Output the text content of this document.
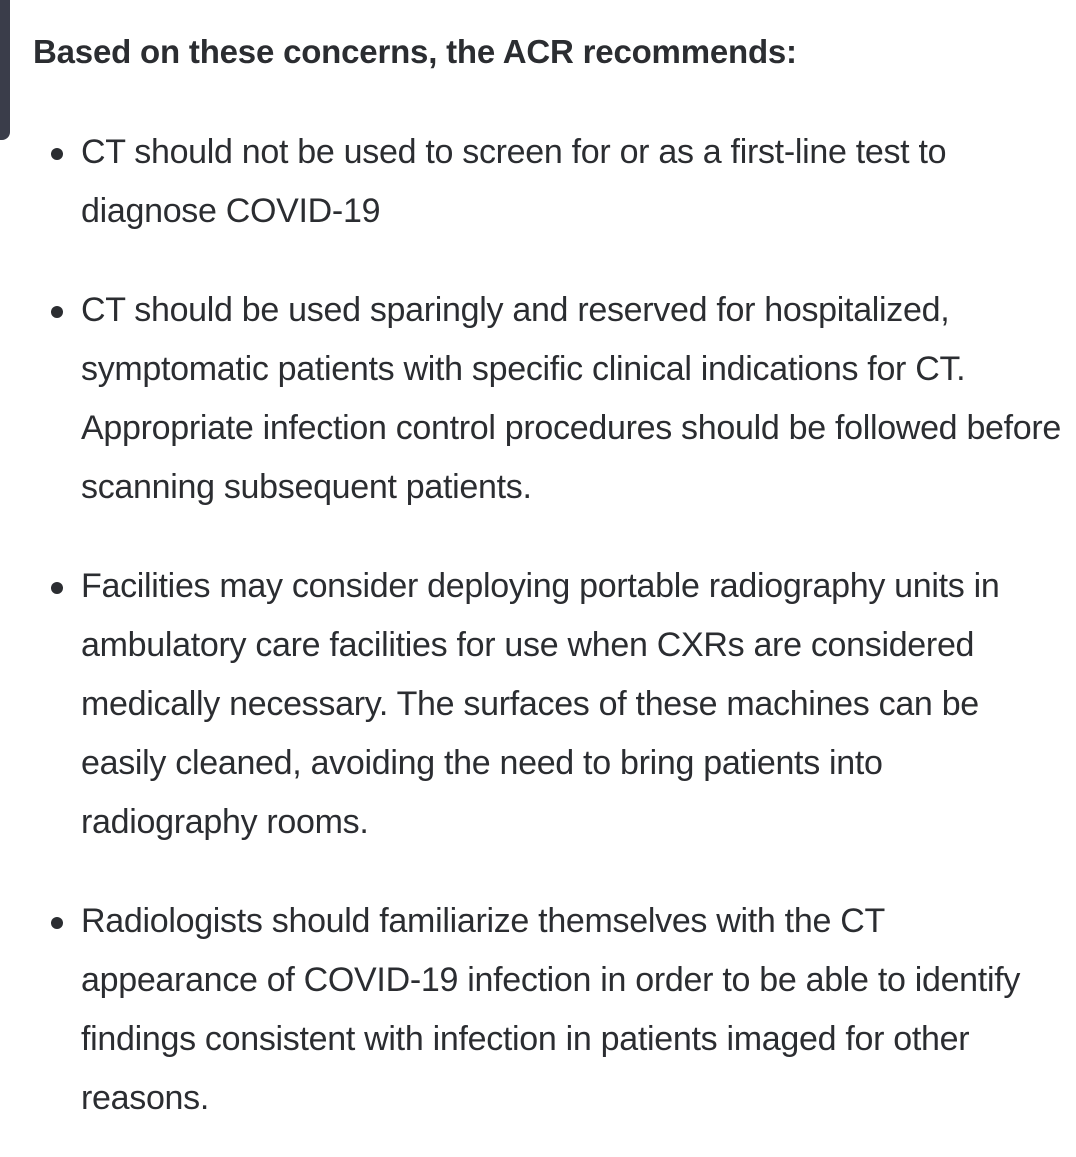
Based on these concerns, the ACR recommends:
CT should not be used to screen for or as a first-line test to diagnose COVID-19
CT should be used sparingly and reserved for hospitalized, symptomatic patients with specific clinical indications for CT. Appropriate infection control procedures should be followed before scanning subsequent patients.
Facilities may consider deploying portable radiography units in ambulatory care facilities for use when CXRs are considered medically necessary. The surfaces of these machines can be easily cleaned, avoiding the need to bring patients into radiography rooms.
Radiologists should familiarize themselves with the CT appearance of COVID-19 infection in order to be able to identify findings consistent with infection in patients imaged for other reasons.
